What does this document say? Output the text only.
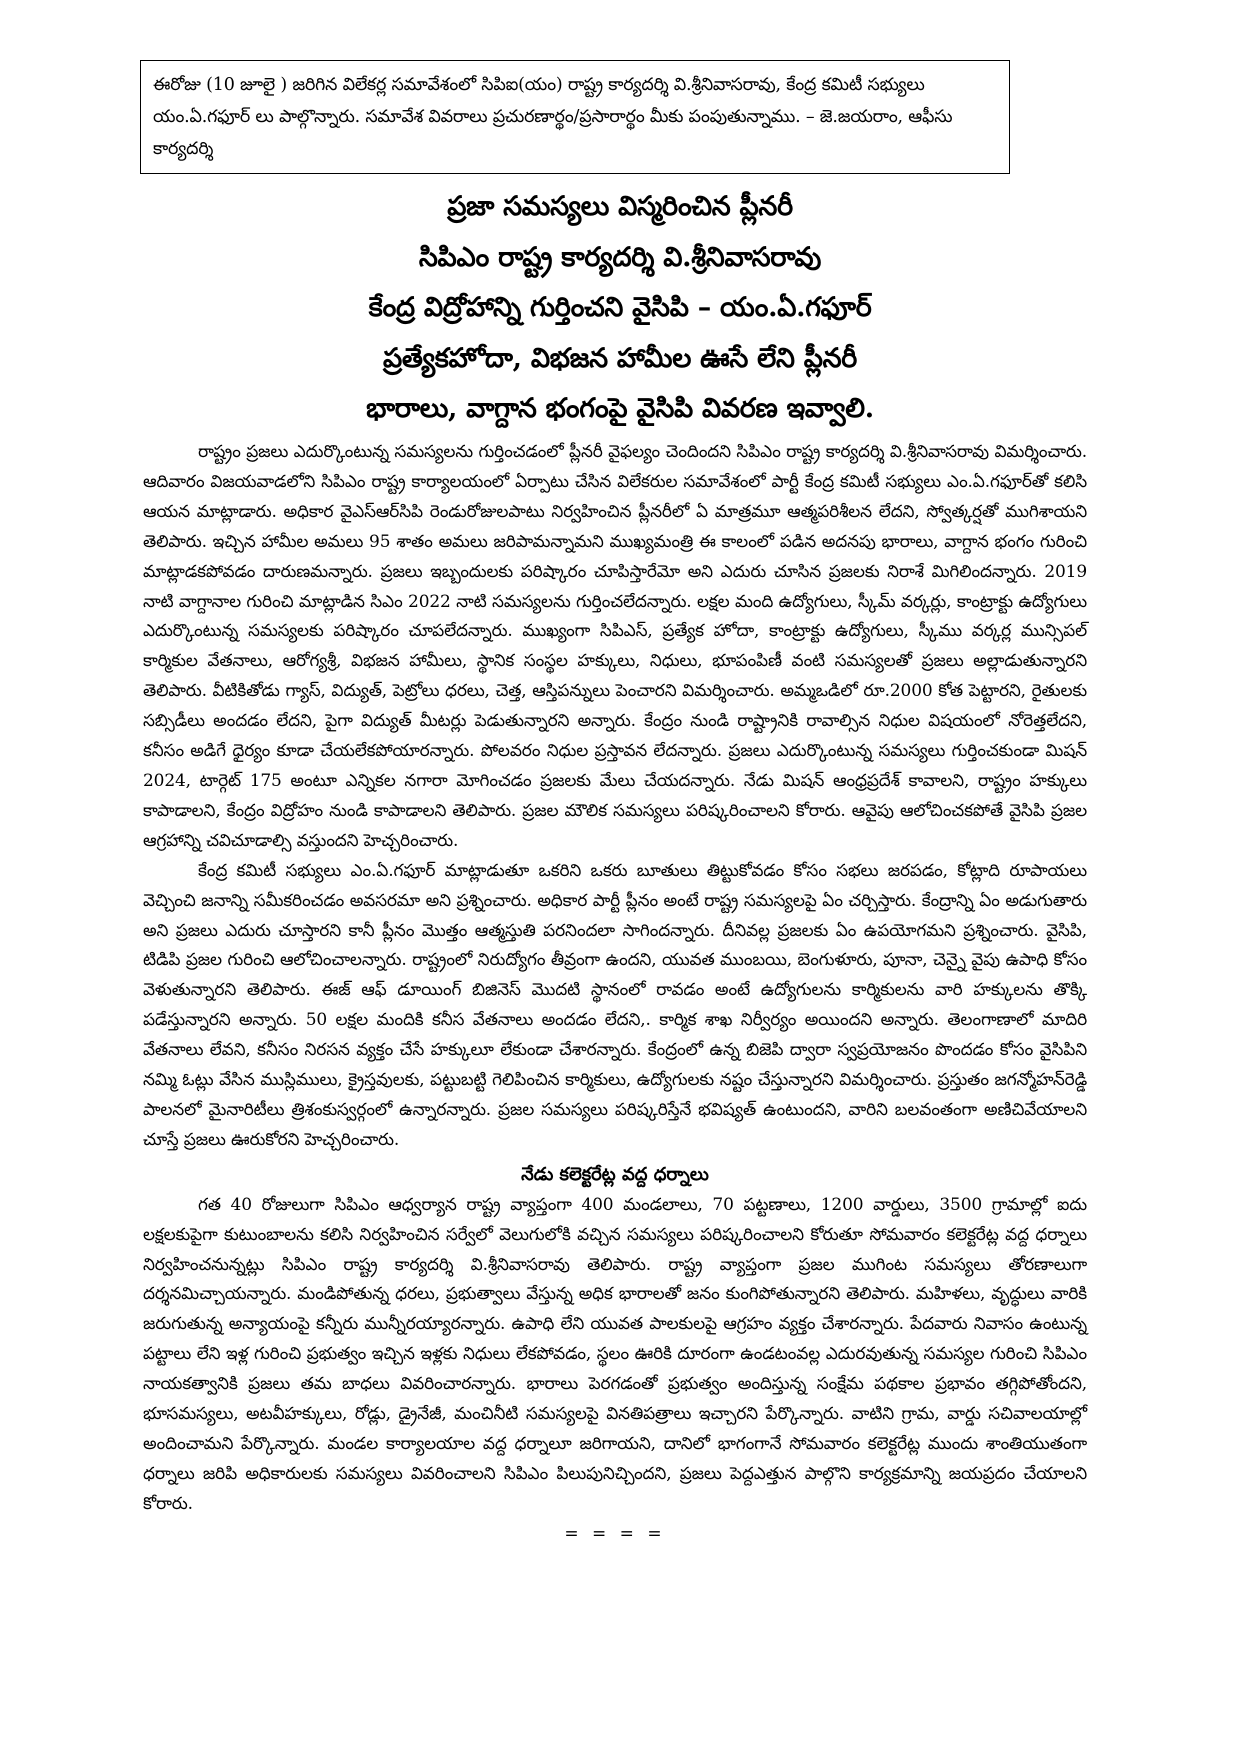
ఈరోజు (10 జూలై ) జరిగిన విలేకర్ల సమావేశంలో సిపిఐ(యం) రాష్ట్ర కార్యదర్శి వి.శ్రీనివాసరావు, కేంద్ర కమిటీ సభ్యులు యం.ఏ.గఫూర్ లు పాల్గొన్నారు. సమావేశ వివరాలు ప్రచురణార్థం/ప్రసారార్థం మీకు పంపుతున్నాము. – జె.జయరాం, ఆఫీసు కార్యదర్శి

ప్రజా సమస్యలు విస్మరించిన ప్లీనరీ
సిపిఎం రాష్ట్ర కార్యదర్శి వి.శ్రీనివాసరావు
కేంద్ర విద్రోహాన్ని గుర్తించని వైసిపి – యం.ఏ.గఫూర్
ప్రత్యేకహోదా, విభజన హామీల ఊసే లేని ప్లీనరీ
భారాలు, వాగ్దాన భంగంపై వైసిపి వివరణ ఇవ్వాలి.

రాష్ట్రం ప్రజలు ఎదుర్కొంటున్న సమస్యలను గుర్తించడంలో ప్లీనరీ వైఫల్యం చెందిందని సిపిఎం రాష్ట్ర కార్యదర్శి వి.శ్రీనివాసరావు విమర్శించారు. ఆదివారం విజయవాడలోని సిపిఎం రాష్ట్ర కార్యాలయంలో ఏర్పాటు చేసిన విలేకరుల సమావేశంలో పార్టీ కేంద్ర కమిటీ సభ్యులు ఎం.ఏ.గఫూర్‌తో కలిసి ఆయన మాట్లాడారు. అధికార వైఎస్‌ఆర్‌సిపి రెండురోజులపాటు నిర్వహించిన ప్లీనరీలో ఏ మాత్రమూ ఆత్మపరిశీలన లేదని, స్వోత్కర్షతో ముగిశాయని తెలిపారు. ఇచ్చిన హామీల అమలు 95 శాతం అమలు జరిపామన్నామని ముఖ్యమంత్రి ఈ కాలంలో పడిన అదనపు భారాలు, వాగ్దాన భంగం గురించి మాట్లాడకపోవడం దారుణమన్నారు. ప్రజలు ఇబ్బందులకు పరిష్కారం చూపిస్తారేమో అని ఎదురు చూసిన ప్రజలకు నిరాశే మిగిలిందన్నారు. 2019 నాటి వాగ్దానాల గురించి మాట్లాడిన సిఎం 2022 నాటి సమస్యలను గుర్తించలేదన్నారు. లక్షల మంది ఉద్యోగులు, స్కీమ్ వర్కర్లు, కాంట్రాక్టు ఉద్యోగులు ఎదుర్కొంటున్న సమస్యలకు పరిష్కారం చూపలేదన్నారు. ముఖ్యంగా సిపిఎస్, ప్రత్యేక హోదా, కాంట్రాక్టు ఉద్యోగులు, స్కీము వర్కర్ల మున్సిపల్ కార్మికుల వేతనాలు, ఆరోగ్యశ్రీ, విభజన హామీలు, స్థానిక సంస్థల హక్కులు, నిధులు, భూపంపిణీ వంటి సమస్యలతో ప్రజలు అల్లాడుతున్నారని తెలిపారు. వీటికితోడు గ్యాస్, విద్యుత్, పెట్రోలు ధరలు, చెత్త, ఆస్తిపన్నులు పెంచారని విమర్శించారు. అమ్మఒడిలో రూ.2000 కోత పెట్టారని, రైతులకు సబ్సిడీలు అందడం లేదని, పైగా విద్యుత్ మీటర్లు పెడుతున్నారని అన్నారు. కేంద్రం నుండి రాష్ట్రానికి రావాల్సిన నిధుల విషయంలో నోరెత్తలేదని, కనీసం అడిగే ధైర్యం కూడా చేయలేకపోయారన్నారు. పోలవరం నిధుల ప్రస్తావన లేదన్నారు. ప్రజలు ఎదుర్కొంటున్న సమస్యలు గుర్తించకుండా మిషన్ 2024, టార్గెట్ 175 అంటూ ఎన్నికల నగారా మోగించడం ప్రజలకు మేలు చేయదన్నారు. నేడు మిషన్ ఆంధ్రప్రదేశ్ కావాలని, రాష్ట్రం హక్కులు కాపాడాలని, కేంద్రం విద్రోహం నుండి కాపాడాలని తెలిపారు. ప్రజల మౌలిక సమస్యలు పరిష్కరించాలని కోరారు. ఆవైపు ఆలోచించకపోతే వైసిపి ప్రజల ఆగ్రహాన్ని చవిచూడాల్సి వస్తుందని హెచ్చరించారు.

కేంద్ర కమిటీ సభ్యులు ఎం.ఏ.గఫూర్ మాట్లాడుతూ ఒకరిని ఒకరు బూతులు తిట్టుకోవడం కోసం సభలు జరపడం, కోట్లాది రూపాయలు వెచ్చించి జనాన్ని సమీకరించడం అవసరమా అని ప్రశ్నించారు. అధికార పార్టీ ప్లీనం అంటే రాష్ట్ర సమస్యలపై ఏం చర్చిస్తారు. కేంద్రాన్ని ఏం అడుగుతారు అని ప్రజలు ఎదురు చూస్తారని కానీ ప్లీనం మొత్తం ఆత్మస్తుతి పరనిందలా సాగిందన్నారు. దీనివల్ల ప్రజలకు ఏం ఉపయోగమని ప్రశ్నించారు. వైసిపి, టిడిపి ప్రజల గురించి ఆలోచించాలన్నారు. రాష్ట్రంలో నిరుద్యోగం తీవ్రంగా ఉందని, యువత ముంబయి, బెంగుళూరు, పూనా, చెన్నై వైపు ఉపాధి కోసం వెళుతున్నారని తెలిపారు. ఈజ్ ఆఫ్ డూయింగ్ బిజినెస్ మొదటి స్థానంలో రావడం అంటే ఉద్యోగులను కార్మికులను వారి హక్కులను తొక్కి పడేస్తున్నారని అన్నారు. 50 లక్షల మందికి కనీస వేతనాలు అందడం లేదని,. కార్మిక శాఖ నిర్వీర్యం అయిందని అన్నారు. తెలంగాణాలో మాదిరి వేతనాలు లేవని, కనీసం నిరసన వ్యక్తం చేసే హక్కులూ లేకుండా చేశారన్నారు. కేంద్రంలో ఉన్న బిజెపి ద్వారా స్వప్రయోజనం పొందడం కోసం వైసిపిని నమ్మి ఓట్లు వేసిన ముస్లిములు, క్రైస్తవులకు, పట్టుబట్టి గెలిపించిన కార్మికులు, ఉద్యోగులకు నష్టం చేస్తున్నారని విమర్శించారు. ప్రస్తుతం జగన్మోహన్‌రెడ్డి పాలనలో మైనారిటీలు త్రిశంకుస్వర్గంలో ఉన్నారన్నారు. ప్రజల సమస్యలు పరిష్కరిస్తేనే భవిష్యత్ ఉంటుందని, వారిని బలవంతంగా అణిచివేయాలని చూస్తే ప్రజలు ఊరుకోరని హెచ్చరించారు.

నేడు కలెక్టరేట్ల వద్ద ధర్నాలు

గత 40 రోజులుగా సిపిఎం ఆధ్వర్యాన రాష్ట్ర వ్యాప్తంగా 400 మండలాలు, 70 పట్టణాలు, 1200 వార్డులు, 3500 గ్రామాల్లో ఐదు లక్షలకుపైగా కుటుంబాలను కలిసి నిర్వహించిన సర్వేలో వెలుగులోకి వచ్చిన సమస్యలు పరిష్కరించాలని కోరుతూ సోమవారం కలెక్టరేట్ల వద్ద ధర్నాలు నిర్వహించనున్నట్లు సిపిఎం రాష్ట్ర కార్యదర్శి వి.శ్రీనివాసరావు తెలిపారు. రాష్ట్ర వ్యాప్తంగా ప్రజల ముగింట సమస్యలు తోరణాలుగా దర్శనమిచ్చాయన్నారు. మండిపోతున్న ధరలు, ప్రభుత్వాలు వేస్తున్న అధిక భారాలతో జనం కుంగిపోతున్నారని తెలిపారు. మహిళలు, వృద్ధులు వారికి జరుగుతున్న అన్యాయంపై కన్నీరు మున్నీరయ్యారన్నారు. ఉపాధి లేని యువత పాలకులపై ఆగ్రహం వ్యక్తం చేశారన్నారు. పేదవారు నివాసం ఉంటున్న పట్టాలు లేని ఇళ్ల గురించి ప్రభుత్వం ఇచ్చిన ఇళ్లకు నిధులు లేకపోవడం, స్థలం ఊరికి దూరంగా ఉండటంవల్ల ఎదురవుతున్న సమస్యల గురించి సిపిఎం నాయకత్వానికి ప్రజలు తమ బాధలు వివరించారన్నారు. భారాలు పెరగడంతో ప్రభుత్వం అందిస్తున్న సంక్షేమ పథకాల ప్రభావం తగ్గిపోతోందని, భూసమస్యలు, అటవీహక్కులు, రోడ్లు, డ్రైనేజీ, మంచినీటి సమస్యలపై వినతిపత్రాలు ఇచ్చారని పేర్కొన్నారు. వాటిని గ్రామ, వార్డు సచివాలయాల్లో అందించామని పేర్కొన్నారు. మండల కార్యాలయాల వద్ద ధర్నాలూ జరిగాయని, దానిలో భాగంగానే సోమవారం కలెక్టరేట్ల ముందు శాంతియుతంగా ధర్నాలు జరిపి అధికారులకు సమస్యలు వివరించాలని సిపిఎం పిలుపునిచ్చిందని, ప్రజలు పెద్దఎత్తున పాల్గొని కార్యక్రమాన్ని జయప్రదం చేయాలని కోరారు.

= = = =
